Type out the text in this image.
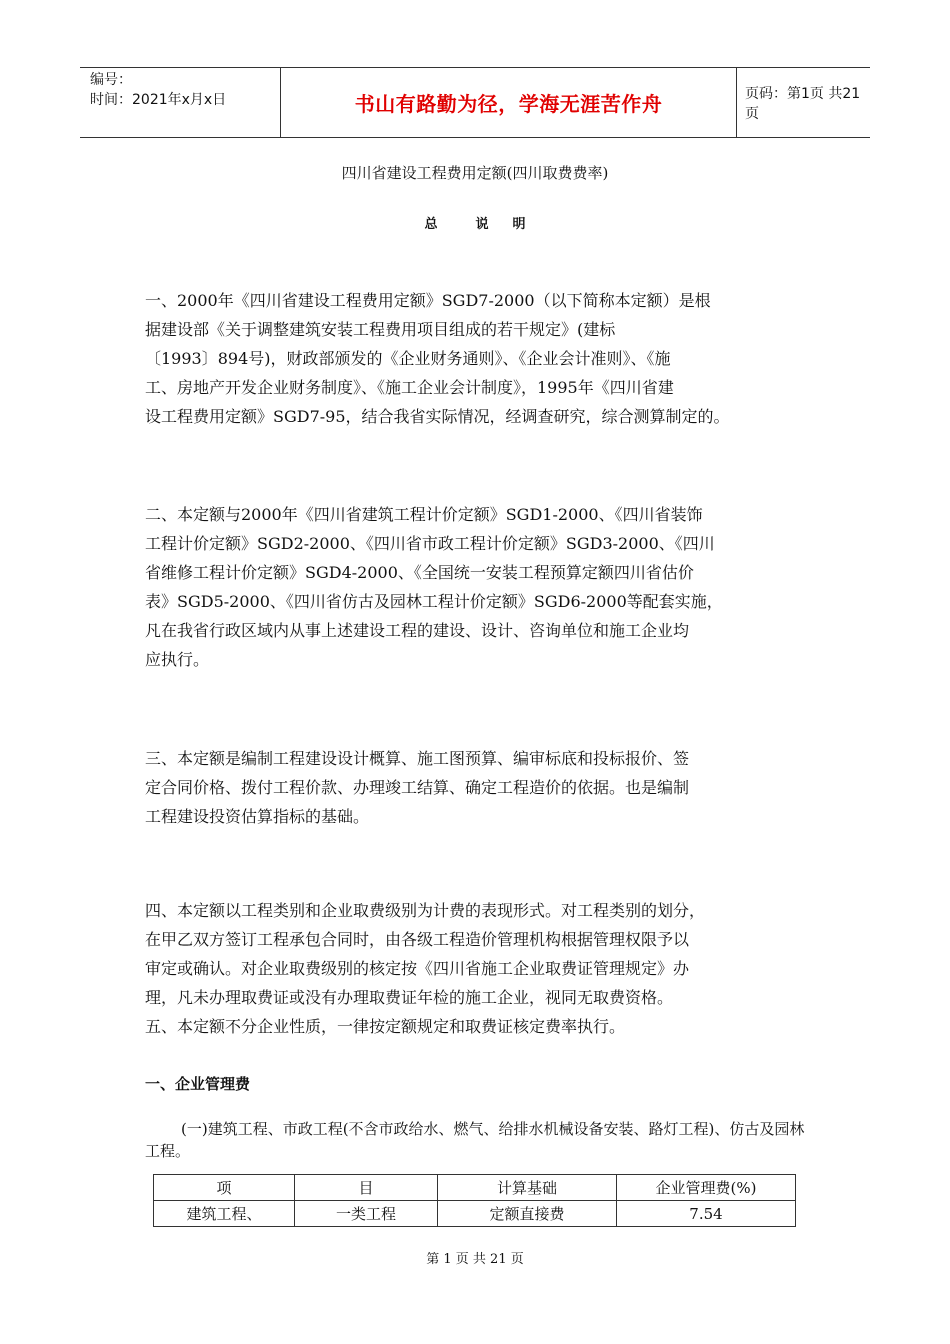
编号：
时间：2021年x月x日	书山有路勤为径，学海无涯苦作舟	页码：第1页 共21页
四川省建设工程费用定额(四川取费费率)
总	说 明
一、2000年《四川省建设工程费用定额》SGD7-2000（以下简称本定额）是根
据建设部《关于调整建筑安装工程费用项目组成的若干规定》(建标
〔1993〕894号)，财政部颁发的《企业财务通则》、《企业会计准则》、《施
工、房地产开发企业财务制度》、《施工企业会计制度》，1995年《四川省建
设工程费用定额》SGD7-95，结合我省实际情况，经调查研究，综合测算制定的。
二、本定额与2000年《四川省建筑工程计价定额》SGD1-2000、《四川省装饰
工程计价定额》SGD2-2000、《四川省市政工程计价定额》SGD3-2000、《四川
省维修工程计价定额》SGD4-2000、《全国统一安装工程预算定额四川省估价
表》SGD5-2000、《四川省仿古及园林工程计价定额》SGD6-2000等配套实施，
凡在我省行政区域内从事上述建设工程的建设、设计、咨询单位和施工企业均
应执行。
三、本定额是编制工程建设设计概算、施工图预算、编审标底和投标报价、签
定合同价格、拨付工程价款、办理竣工结算、确定工程造价的依据。也是编制
工程建设投资估算指标的基础。
四、本定额以工程类别和企业取费级别为计费的表现形式。对工程类别的划分，
在甲乙双方签订工程承包合同时，由各级工程造价管理机构根据管理权限予以
审定或确认。对企业取费级别的核定按《四川省施工企业取费证管理规定》办
理，凡未办理取费证或没有办理取费证年检的施工企业，视同无取费资格。
五、本定额不分企业性质，一律按定额规定和取费证核定费率执行。
一、企业管理费
(一)建筑工程、市政工程(不含市政给水、燃气、给排水机械设备安装、路灯工程)、仿古及园林工程。
项	目	计算基础	企业管理费(%)
建筑工程、	一类工程	定额直接费	7.54
第 1 页 共 21 页
